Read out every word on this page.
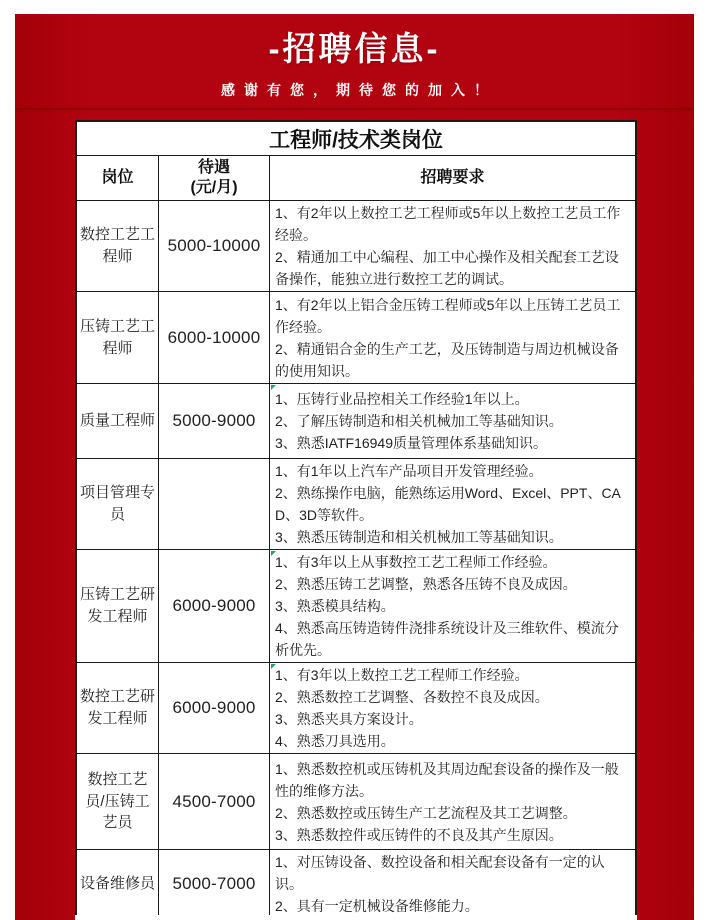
-招聘信息-
感谢有您，期待您的加入！
工程师/技术类岗位
岗位
待遇
(元/月)
招聘要求
数控工艺工程师
5000-10000
1、有2年以上数控工艺工程师或5年以上数控工艺员工作经验。
2、精通加工中心编程、加工中心操作及相关配套工艺设备操作，能独立进行数控工艺的调试。
压铸工艺工程师
6000-10000
1、有2年以上铝合金压铸工程师或5年以上压铸工艺员工作经验。
2、精通铝合金的生产工艺，及压铸制造与周边机械设备的使用知识。
质量工程师	5000-9000
1、压铸行业品控相关工作经验1年以上。
2、了解压铸制造和相关机械加工等基础知识。
3、熟悉IATF16949质量管理体系基础知识。
项目管理专员
1、有1年以上汽车产品项目开发管理经验。
2、熟练操作电脑，能熟练运用Word、Excel、PPT、CAD、3D等软件。
3、熟悉压铸制造和相关机械加工等基础知识。
压铸工艺研发工程师
6000-9000
1、有3年以上从事数控工艺工程师工作经验。
2、熟悉压铸工艺调整，熟悉各压铸不良及成因。
3、熟悉模具结构。
4、熟悉高压铸造铸件浇排系统设计及三维软件、模流分析优先。
数控工艺研发工程师
6000-9000
1、有3年以上数控工艺工程师工作经验。
2、熟悉数控工艺调整、各数控不良及成因。
3、熟悉夹具方案设计。
4、熟悉刀具选用。
数控工艺员/压铸工艺员
4500-7000
1、熟悉数控机或压铸机及其周边配套设备的操作及一般性的维修方法。
2、熟悉数控或压铸生产工艺流程及其工艺调整。
3、熟悉数控件或压铸件的不良及其产生原因。
设备维修员	5000-7000
1、对压铸设备、数控设备和相关配套设备有一定的认识。
2、具有一定机械设备维修能力。
